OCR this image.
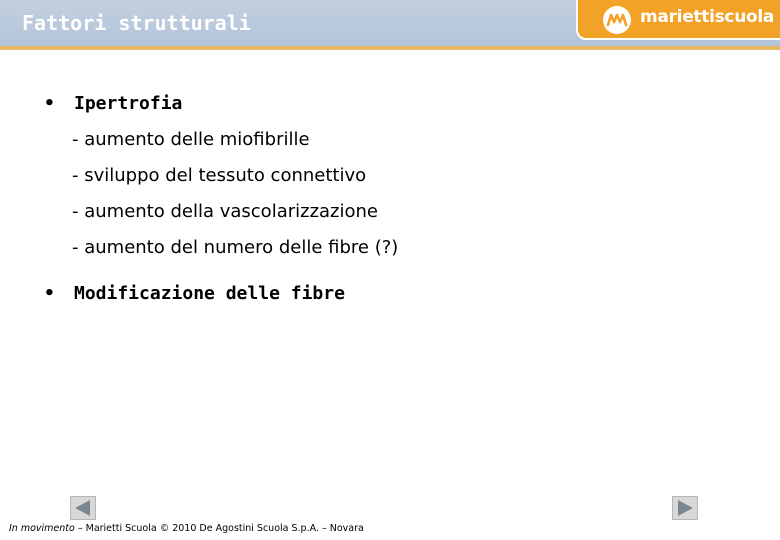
Fattori strutturali	mariettiscuola
• Ipertrofia
- aumento delle miofibrille
- sviluppo del tessuto connettivo
- aumento della vascolarizzazione
- aumento del numero delle fibre (?)
• Modificazione delle fibre
In movimento – Marietti Scuola © 2010 De Agostini Scuola S.p.A. – Novara
